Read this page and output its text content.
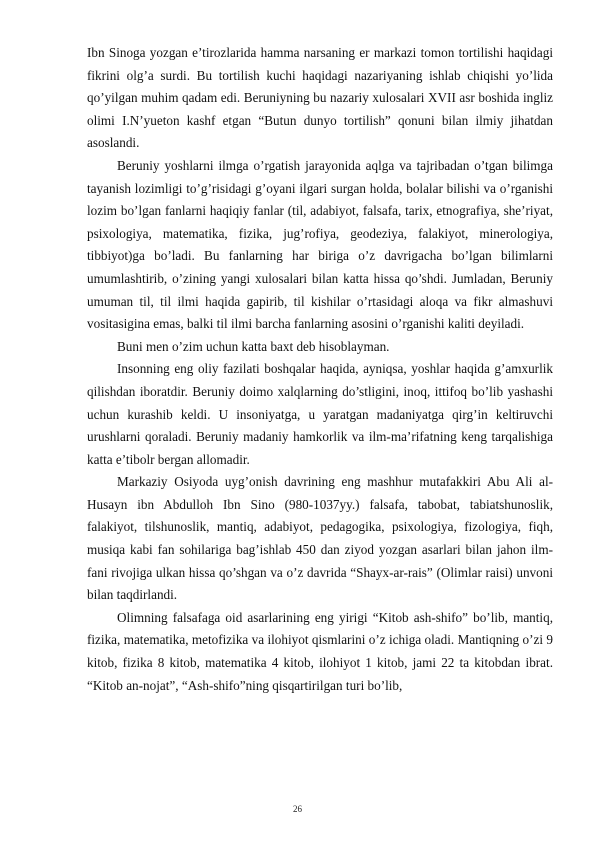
Ibn Sinoga yozgan e’tirozlarida hamma narsaning er markazi tomon tortilishi haqidagi fikrini olg’a surdi. Bu tortilish kuchi haqidagi nazariyaning ishlab chiqishi yo’lida qo’yilgan muhim qadam edi. Beruniyning bu nazariy xulosalari XVII asr boshida ingliz olimi I.N’yueton kashf etgan “Butun dunyo tortilish” qonuni bilan ilmiy jihatdan asoslandi.

Beruniy yoshlarni ilmga o’rgatish jarayonida aqlga va tajribadan o’tgan bilimga tayanish lozimligi to’g’risidagi g’oyani ilgari surgan holda, bolalar bilishi va o’rganishi lozim bo’lgan fanlarni haqiqiy fanlar (til, adabiyot, falsafa, tarix, etnografiya, she’riyat, psixologiya, matematika, fizika, jug’rofiya, geodeziya, falakiyot, minerologiya, tibbiyot)ga bo’ladi. Bu fanlarning har biriga o’z davrigacha bo’lgan bilimlarni umumlashtirib, o’zining yangi xulosalari bilan katta hissa qo’shdi. Jumladan, Beruniy umuman til, til ilmi haqida gapirib, til kishilar o’rtasidagi aloqa va fikr almashuvi vositasigina emas, balki til ilmi barcha fanlarning asosini o’rganishi kaliti deyiladi.

Buni men o’zim uchun katta baxt deb hisoblayman.

Insonning eng oliy fazilati boshqalar haqida, ayniqsa, yoshlar haqida g’amxurlik qilishdan iboratdir. Beruniy doimo xalqlarning do’stligini, inoq, ittifoq bo’lib yashashi uchun kurashib keldi. U insoniyatga, u yaratgan madaniyatga qirg’in keltiruvchi urushlarni qoraladi. Beruniy madaniy hamkorlik va ilm-ma’rifatning keng tarqalishiga katta e’tibolr bergan allomadir.

Markaziy Osiyoda uyg’onish davrining eng mashhur mutafakkiri Abu Ali al-Husayn ibn Abdulloh Ibn Sino (980-1037yy.) falsafa, tabobat, tabiatshunoslik, falakiyot, tilshunoslik, mantiq, adabiyot, pedagogika, psixologiya, fizologiya, fiqh, musiqa kabi fan sohilariga bag’ishlab 450 dan ziyod yozgan asarlari bilan jahon ilm-fani rivojiga ulkan hissa qo’shgan va o’z davrida “Shayx-ar-rais” (Olimlar raisi) unvoni bilan taqdirlandi.

Olimning falsafaga oid asarlarining eng yirigi “Kitob ash-shifo” bo’lib, mantiq, fizika, matematika, metofizika va ilohiyot qismlarini o’z ichiga oladi. Mantiqning o’zi 9 kitob, fizika 8 kitob, matematika 4 kitob, ilohiyot 1 kitob, jami 22 ta kitobdan ibrat. “Kitob an-nojat”, “Ash-shifo”ning qisqartirilgan turi bo’lib,

26
